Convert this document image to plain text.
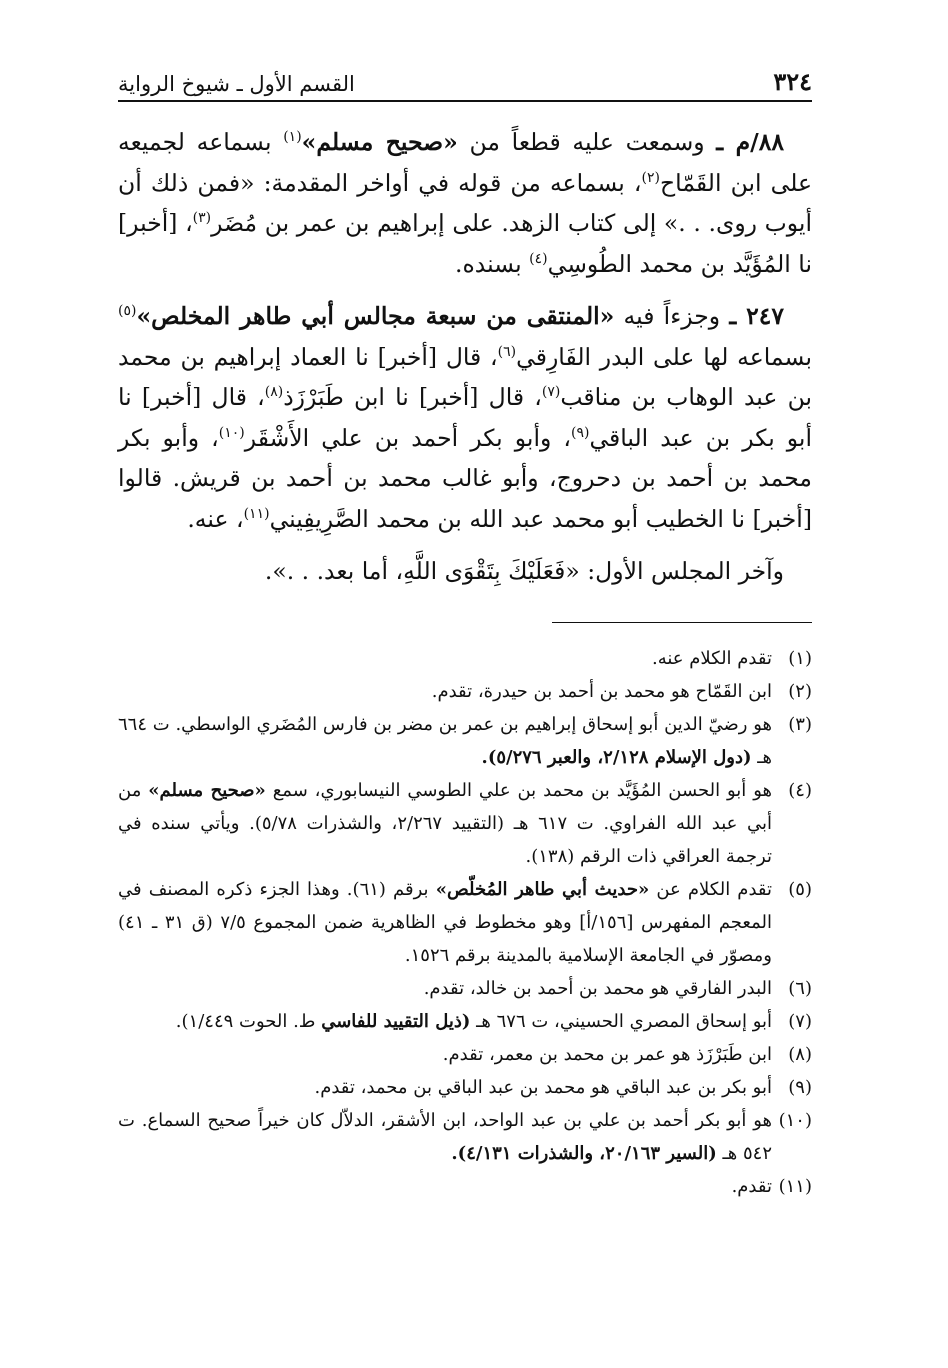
٣٢٤
القسم الأول ـ شيوخ الرواية

٨٨/م ـ وسمعت عليه قطعاً من «صحيح مسلم»$^{(١)}$ بسماعه لجميعه على ابن القَمّاح$^{(٢)}$، بسماعه من قوله في أواخر المقدمة: «فمن ذلك أن أيوب روى. . .» إلى كتاب الزهد. على إبراهيم بن عمر بن مُضَر$^{(٣)}$، [أخبر] نا المُؤَيَّد بن محمد الطُوسِي$^{(٤)}$ بسنده.

٢٤٧ ـ وجزءاً فيه «المنتقى من سبعة مجالس أبي طاهر المخلص»$^{(٥)}$ بسماعه لها على البدر الفَارِقي$^{(٦)}$، قال [أخبر] نا العماد إبراهيم بن محمد بن عبد الوهاب بن مناقب$^{(٧)}$، قال [أخبر] نا ابن طَبَرْزَذ$^{(٨)}$، قال [أخبر] نا أبو بكر بن عبد الباقي$^{(٩)}$، وأبو بكر أحمد بن علي الأَشْقَر$^{(١٠)}$، وأبو بكر محمد بن أحمد بن دحروج، وأبو غالب محمد بن أحمد بن قريش. قالوا [أخبر] نا الخطيب أبو محمد عبد الله بن محمد الصَّرِيفِيني$^{(١١)}$، عنه.

وآخر المجلس الأول: «فَعَلَيْكَ بِتَقْوَى اللَّهِ، أما بعد. . .».

(١)
تقدم الكلام عنه.
(٢)
ابن القَمّاح هو محمد بن أحمد بن حيدرة، تقدم.
(٣)
هو رضيّ الدين أبو إسحاق إبراهيم بن عمر بن مضر بن فارس المُضَري الواسطي. ت ٦٦٤ هـ (دول الإسلام ٢/١٢٨، والعبر ٥/٢٧٦).
(٤)
هو أبو الحسن المُؤَيَّد بن محمد بن علي الطوسي النيسابوري، سمع «صحيح مسلم» من أبي عبد الله الفراوي. ت ٦١٧ هـ (التقييد ٢/٢٦٧، والشذرات ٥/٧٨). ويأتي سنده في ترجمة العراقي ذات الرقم (١٣٨).
(٥)
تقدم الكلام عن «حديث أبي طاهر المُخلّص» برقم (٦١). وهذا الجزء ذكره المصنف في المعجم المفهرس [١٥٦/أ] وهو مخطوط في الظاهرية ضمن المجموع ٧/٥ (ق ٣١ ـ ٤١) ومصوّر في الجامعة الإسلامية بالمدينة برقم ١٥٢٦.
(٦)
البدر الفارقي هو محمد بن أحمد بن خالد، تقدم.
(٧)
أبو إسحاق المصري الحسيني، ت ٦٧٦ هـ (ذيل التقييد للفاسي ط. الحوت ١/٤٤٩).
(٨)
ابن طَبَرْزَذ هو عمر بن محمد بن معمر، تقدم.
(٩)
أبو بكر بن عبد الباقي هو محمد بن عبد الباقي بن محمد، تقدم.
(١٠)
هو أبو بكر أحمد بن علي بن عبد الواحد، ابن الأشقر، الدلاّل كان خيراً صحيح السماع. ت ٥٤٢ هـ (السير ٢٠/١٦٣، والشذرات ٤/١٣١).
(١١)
تقدم.
